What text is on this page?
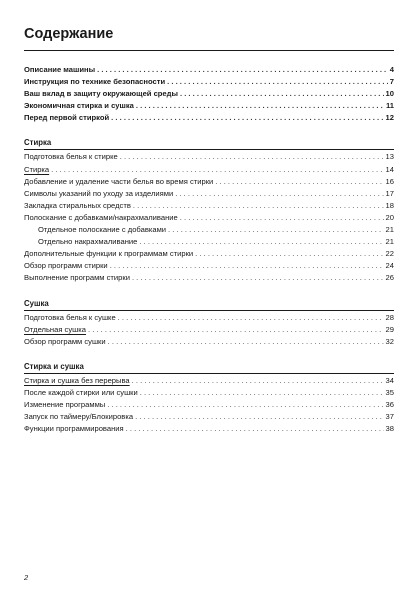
Содержание
Описание машины . . .	4
Инструкция по технике безопасности . . .	7
Ваш вклад в защиту окружающей среды . . .	10
Экономичная стирка и сушка . . .	11
Перед первой стиркой . . .	12
Стирка
Подготовка белья к стирке . . .	13
Стирка . . .	14
Добавление и удаление части белья во время стирки . . .	16
Символы указаний по уходу за изделиями . . .	17
Закладка стиральных средств . . .	18
Полоскание с добавками/накрахмаливание . . .	20
Отдельное полоскание с добавками . . .	21
Отдельно накрахмаливание . . .	21
Дополнительные функции к программам стирки . . .	22
Обзор программ стирки . . .	24
Выполнение программ стирки . . .	26
Сушка
Подготовка белья к сушке . . .	28
Отдельная сушка . . .	29
Обзор программ сушки . . .	32
Стирка и сушка
Стирка и сушка без перерыва . . .	34
После каждой стирки или сушки . . .	35
Изменение программы . . .	36
Запуск по таймеру/Блокировка . . .	37
Функции программирования . . .	38
2
